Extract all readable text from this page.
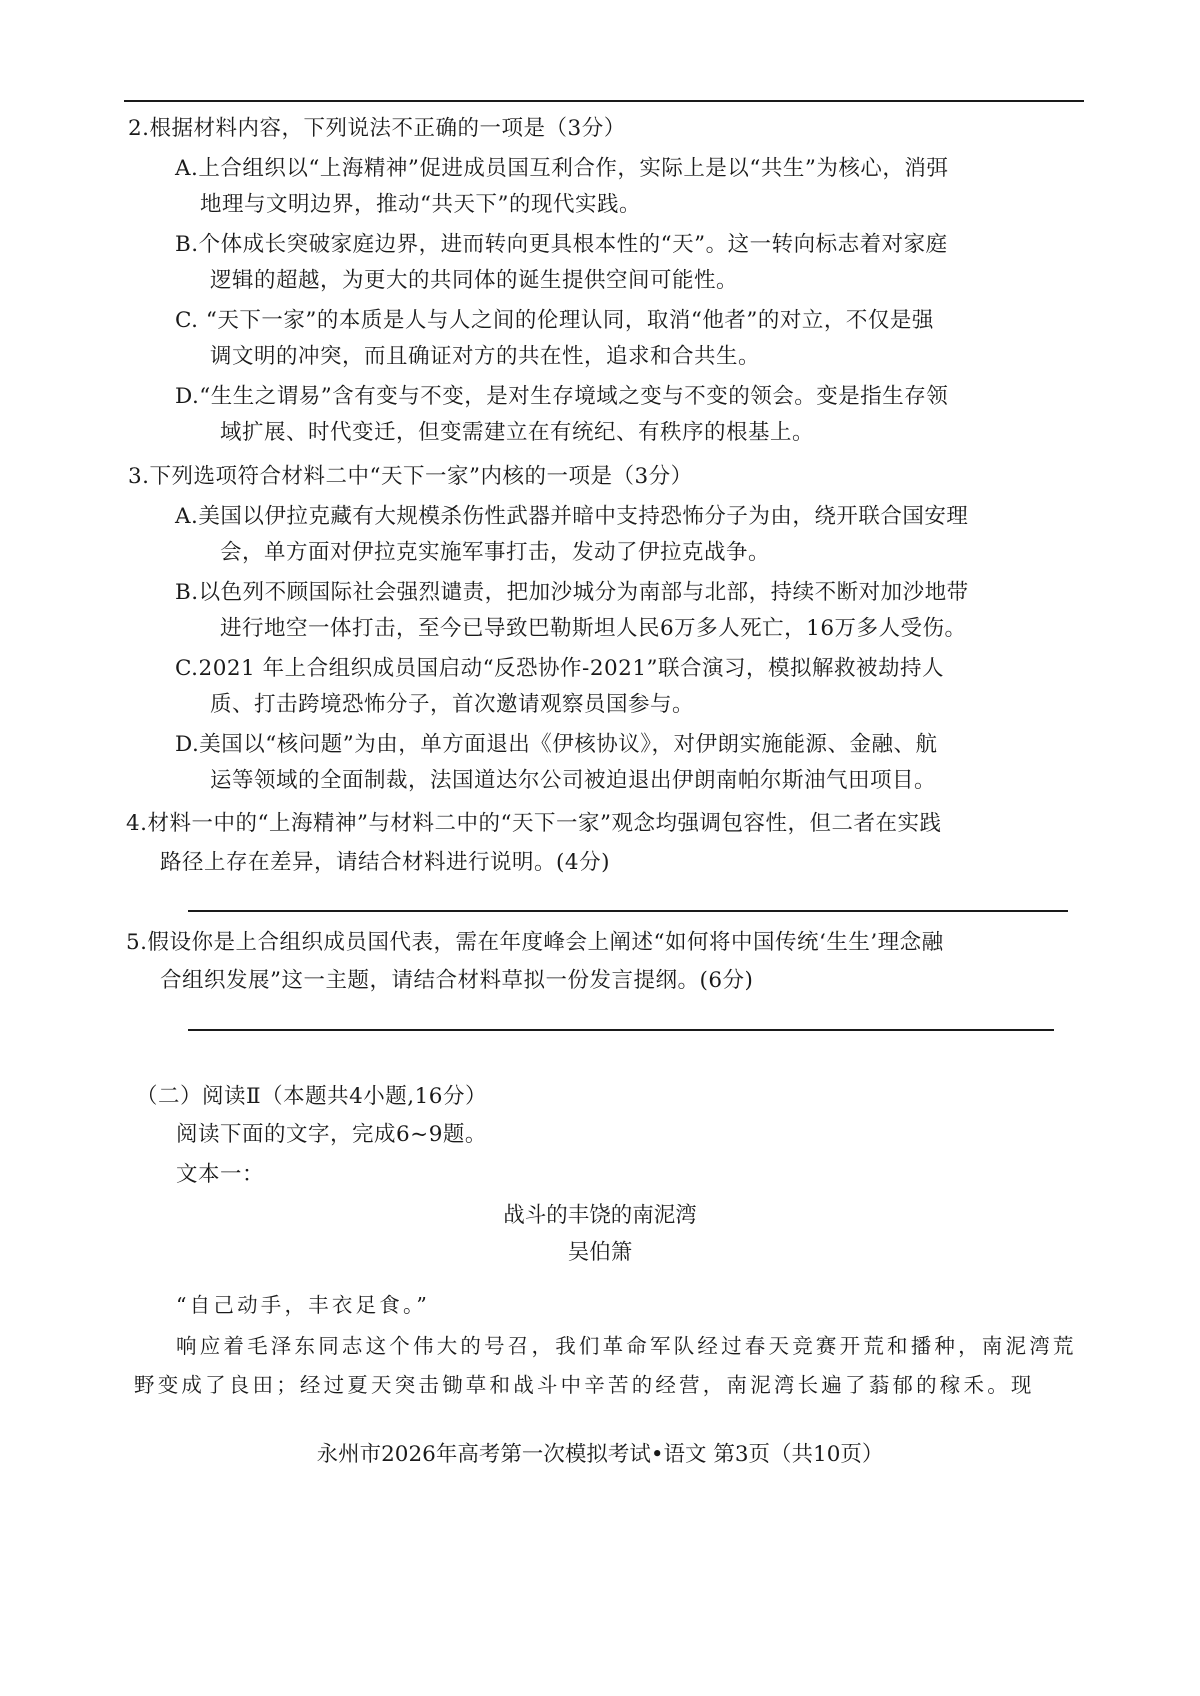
2.根据材料内容，下列说法不正确的一项是（3分）
A.上合组织以“上海精神”促进成员国互利合作，实际上是以“共生”为核心，消弭
地理与文明边界，推动“共天下”的现代实践。
B.个体成长突破家庭边界，进而转向更具根本性的“天”。这一转向标志着对家庭
逻辑的超越，为更大的共同体的诞生提供空间可能性。
C. “天下一家”的本质是人与人之间的伦理认同，取消“他者”的对立，不仅是强
调文明的冲突，而且确证对方的共在性，追求和合共生。
D.“生生之谓易”含有变与不变，是对生存境域之变与不变的领会。变是指生存领
域扩展、时代变迁，但变需建立在有统纪、有秩序的根基上。
3.下列选项符合材料二中“天下一家”内核的一项是（3分）
A.美国以伊拉克藏有大规模杀伤性武器并暗中支持恐怖分子为由，绕开联合国安理
会，单方面对伊拉克实施军事打击，发动了伊拉克战争。
B.以色列不顾国际社会强烈谴责，把加沙城分为南部与北部，持续不断对加沙地带
进行地空一体打击，至今已导致巴勒斯坦人民6万多人死亡，16万多人受伤。
C.2021 年上合组织成员国启动“反恐协作-2021”联合演习，模拟解救被劫持人
质、打击跨境恐怖分子，首次邀请观察员国参与。
D.美国以“核问题”为由，单方面退出《伊核协议》，对伊朗实施能源、金融、航
运等领域的全面制裁，法国道达尔公司被迫退出伊朗南帕尔斯油气田项目。
4.材料一中的“上海精神”与材料二中的“天下一家”观念均强调包容性，但二者在实践
路径上存在差异，请结合材料进行说明。(4分)
5.假设你是上合组织成员国代表，需在年度峰会上阐述“如何将中国传统‘生生’理念融
合组织发展”这一主题，请结合材料草拟一份发言提纲。(6分)
（二）阅读Ⅱ（本题共4小题,16分）
阅读下面的文字，完成6~9题。
文本一：
战斗的丰饶的南泥湾
吴伯箫
“自己动手，丰衣足食。”
响应着毛泽东同志这个伟大的号召，我们革命军队经过春天竞赛开荒和播种，南泥湾荒
野变成了良田；经过夏天突击锄草和战斗中辛苦的经营，南泥湾长遍了蓊郁的稼禾。现
永州市2026年高考第一次模拟考试•语文 第3页（共10页）
